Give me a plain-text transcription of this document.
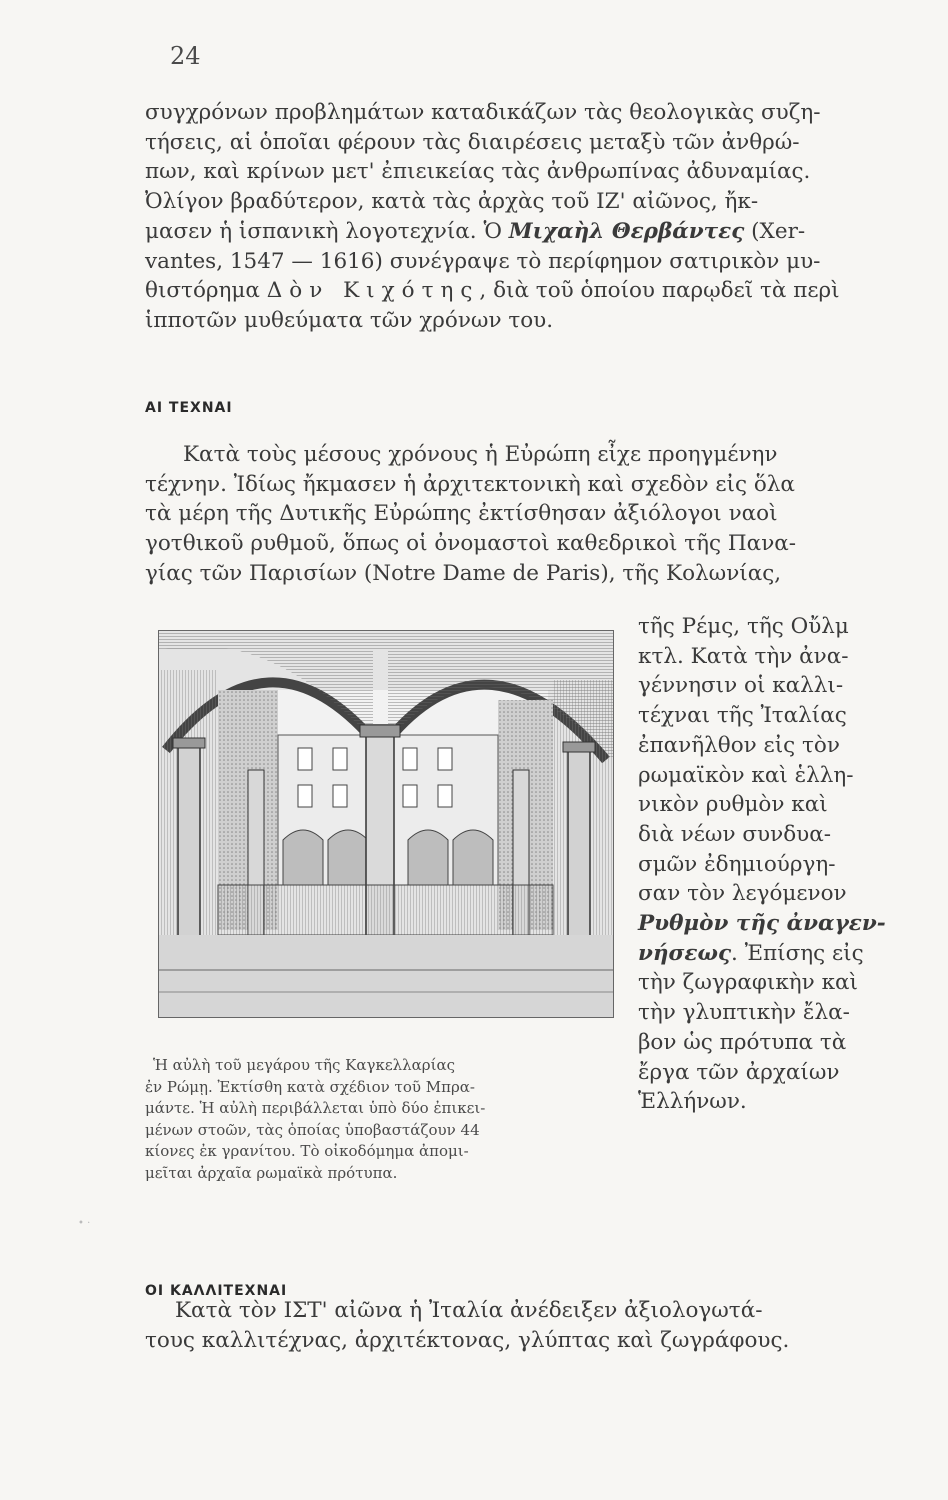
24
συγχρόνων προβλημάτων καταδικάζων τὰς θεολογικὰς συζη-
τήσεις, αἱ ὁποῖαι φέρουν τὰς διαιρέσεις μεταξὺ τῶν ἀνθρώ-
πων, καὶ κρίνων μετ' ἐπιεικείας τὰς ἀνθρωπίνας ἀδυναμίας.
Ὀλίγον βραδύτερον, κατὰ τὰς ἀρχὰς τοῦ ΙΖ' αἰῶνος, ἤκ-
μασεν ἡ ἱσπανικὴ λογοτεχνία. Ὁ Μιχαὴλ Θερβάντες (Xer-
vantes, 1547 — 1616) συνέγραψε τὸ περίφημον σατιρικὸν μυ-
θιστόρημα Δὸν Κιχότης, διὰ τοῦ ὁποίου παρῳδεῖ τὰ περὶ
ἱπποτῶν μυθεύματα τῶν χρόνων του.
ΑΙ ΤΕΧΝΑΙ
Κατὰ τοὺς μέσους χρόνους ἡ Εὐρώπη εἶχε προηγμένην
τέχνην. Ἰδίως ἤκμασεν ἡ ἀρχιτεκτονικὴ καὶ σχεδὸν εἰς ὅλα
τὰ μέρη τῆς Δυτικῆς Εὐρώπης ἐκτίσθησαν ἀξιόλογοι ναοὶ
γοτθικοῦ ρυθμοῦ, ὅπως οἱ ὀνομαστοὶ καθεδρικοὶ τῆς Πανα-
γίας τῶν Παρισίων (Notre Dame de Paris), τῆς Κολωνίας,
τῆς Ρέμς, τῆς Οὔλμ
κτλ. Κατὰ τὴν ἀνα-
γέννησιν οἱ καλλι-
τέχναι τῆς Ἰταλίας
ἐπανῆλθον εἰς τὸν
ρωμαϊκὸν καὶ ἑλλη-
νικὸν ρυθμὸν καὶ
διὰ νέων συνδυα-
σμῶν ἐδημιούργη-
σαν τὸν λεγόμενον
Ρυθμὸν τῆς ἀναγεν-
νήσεως. Ἐπίσης εἰς
τὴν ζωγραφικὴν καὶ
τὴν γλυπτικὴν ἔλα-
βον ὡς πρότυπα τὰ
ἔργα τῶν ἀρχαίων
Ἑλλήνων.
Ἡ αὐλὴ τοῦ μεγάρου τῆς Καγκελλαρίας
ἐν Ρώμῃ. Ἐκτίσθη κατὰ σχέδιον τοῦ Μπρα-
μάντε. Ἡ αὐλὴ περιβάλλεται ὑπὸ δύο ἐπικει-
μένων στοῶν, τὰς ὁποίας ὑποβαστάζουν 44
κίονες ἐκ γρανίτου. Τὸ οἰκοδόμημα ἀπομι-
μεῖται ἀρχαῖα ρωμαϊκὰ πρότυπα.
• ·
ΟΙ ΚΑΛΛΙΤΕΧΝΑΙ
Κατὰ τὸν ΙΣΤ' αἰῶνα ἡ Ἰταλία ἀνέδειξεν ἀξιολογωτά-
τους καλλιτέχνας, ἀρχιτέκτονας, γλύπτας καὶ ζωγράφους.
